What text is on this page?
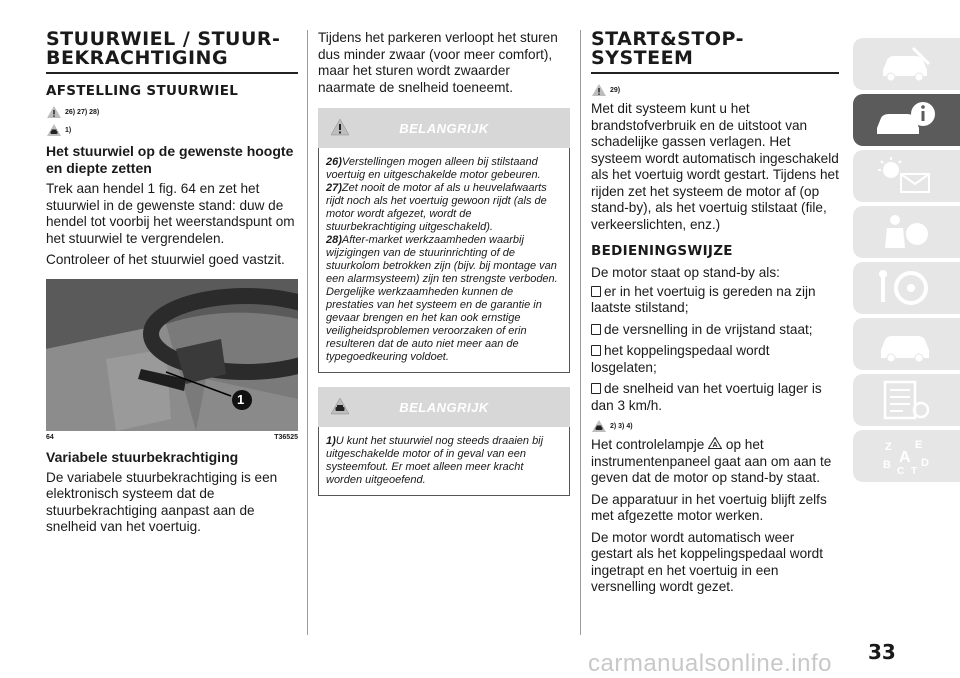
STUURWIEL / STUUR-BEKRACHTIGING
AFSTELLING STUURWIEL
26) 27) 28)
1)
Het stuurwiel op de gewenste hoogte en diepte zetten

Trek aan hendel 1 fig. 64 en zet het stuurwiel in de gewenste stand: duw de hendel tot voorbij het weerstandspunt om het stuurwiel te vergrendelen.

Controleer of het stuurwiel goed vastzit.

1
64	T36525
Variabele stuurbekrachtiging

De variabele stuurbekrachtiging is een elektronisch systeem dat de stuurbekrachtiging aanpast aan de snelheid van het voertuig.

Tijdens het parkeren verloopt het sturen dus minder zwaar (voor meer comfort), maar het sturen wordt zwaarder naarmate de snelheid toeneemt.

BELANGRIJK

26)Verstellingen mogen alleen bij stilstaand voertuig en uitgeschakelde motor gebeuren.

27)Zet nooit de motor af als u heuvelafwaarts rijdt noch als het voertuig gewoon rijdt (als de motor wordt afgezet, wordt de stuurbekrachtiging uitgeschakeld).

28)After-market werkzaamheden waarbij wijzigingen van de stuurinrichting of de stuurkolom betrokken zijn (bijv. bij montage van een alarmsysteem) zijn ten strengste verboden. Dergelijke werkzaamheden kunnen de prestaties van het systeem en de garantie in gevaar brengen en het kan ook ernstige veiligheidsproblemen veroorzaken of erin resulteren dat de auto niet meer aan de typegoedkeuring voldoet.

BELANGRIJK

1)U kunt het stuurwiel nog steeds draaien bij uitgeschakelde motor of in geval van een systeemfout. Er moet alleen meer kracht worden uitgeoefend.

START&STOP-SYSTEEM
29)

Met dit systeem kunt u het brandstofverbruik en de uitstoot van schadelijke gassen verlagen. Het systeem wordt automatisch ingeschakeld als het voertuig wordt gestart. Tijdens het rijden zet het systeem de motor af (op stand-by), als het voertuig stilstaat (file, verkeerslichten, enz.)

BEDIENINGSWIJZE

De motor staat op stand-by als:

er in het voertuig is gereden na zijn laatste stilstand;
de versnelling in de vrijstand staat;
het koppelingspedaal wordt losgelaten;
de snelheid van het voertuig lager is dan 3 km/h.
2) 3) 4)

Het controlelampje A op het instrumentenpaneel gaat aan om aan te geven dat de motor op stand-by staat.

De apparatuur in het voertuig blijft zelfs met afgezette motor werken.

De motor wordt automatisch weer gestart als het koppelingspedaal wordt ingetrapt en het voertuig in een versnelling wordt gezet.

Z E
B A D
C T
33
carmanualsonline.info
